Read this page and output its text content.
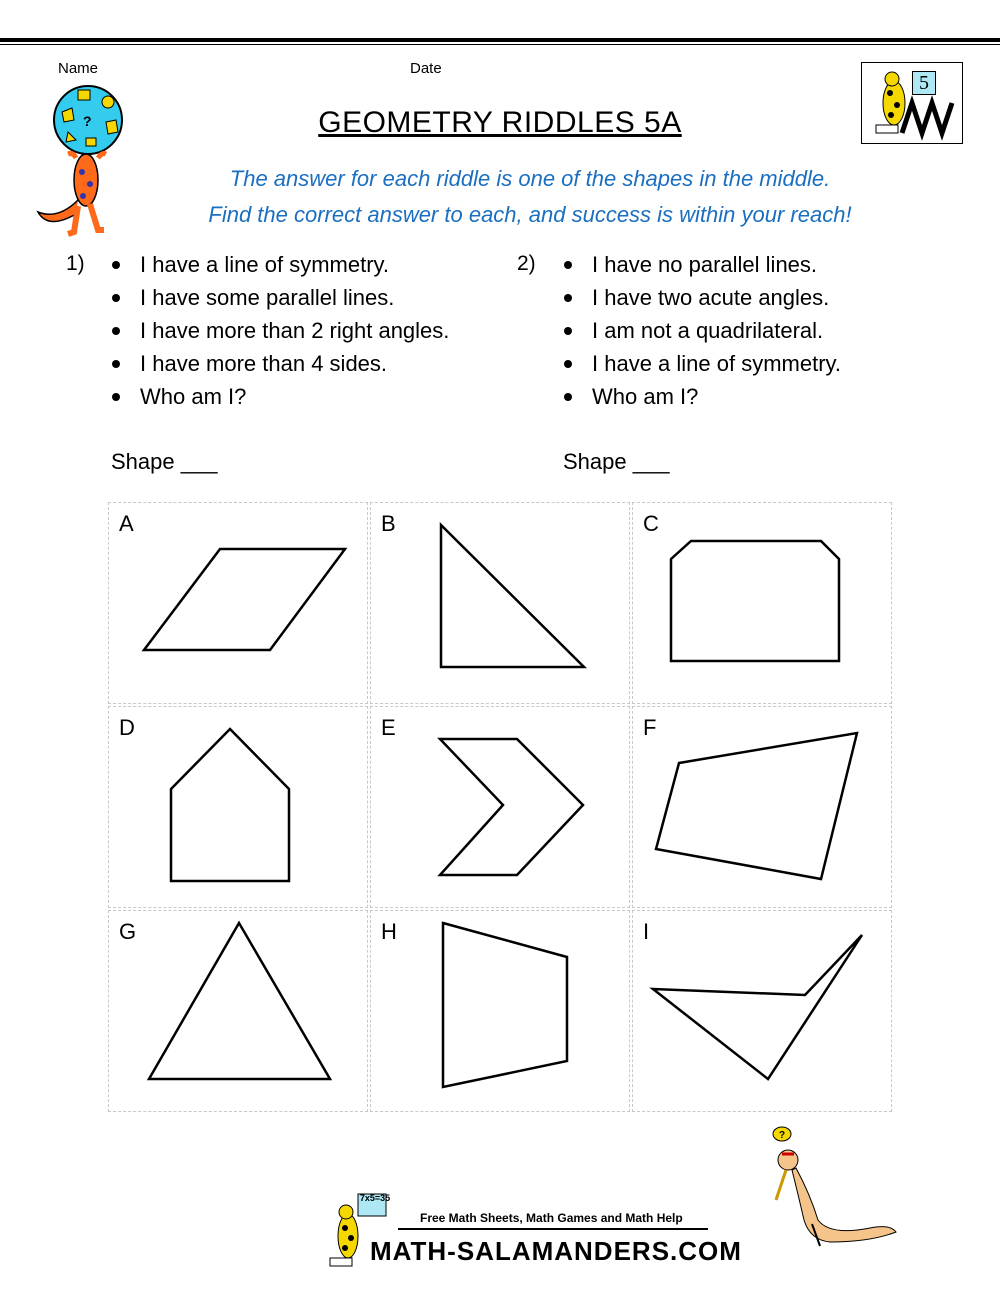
Name	Date
?
5
GEOMETRY RIDDLES 5A
The answer for each riddle is one of the shapes in the middle.
Find the correct answer to each, and success is within your reach!
1)	I have a line of symmetry.
I have some parallel lines.
I have more than 2 right angles.
I have more than 4 sides.
Who am I?
Shape ___
2)	I have no parallel lines.
I have two acute angles.
I am not a quadrilateral.
I have a line of symmetry.
Who am I?
Shape ___
A	B	C
D	E	F
G	H	I
?
7x5=35
Free Math Sheets, Math Games and Math Help
MATH-SALAMANDERS.COM
